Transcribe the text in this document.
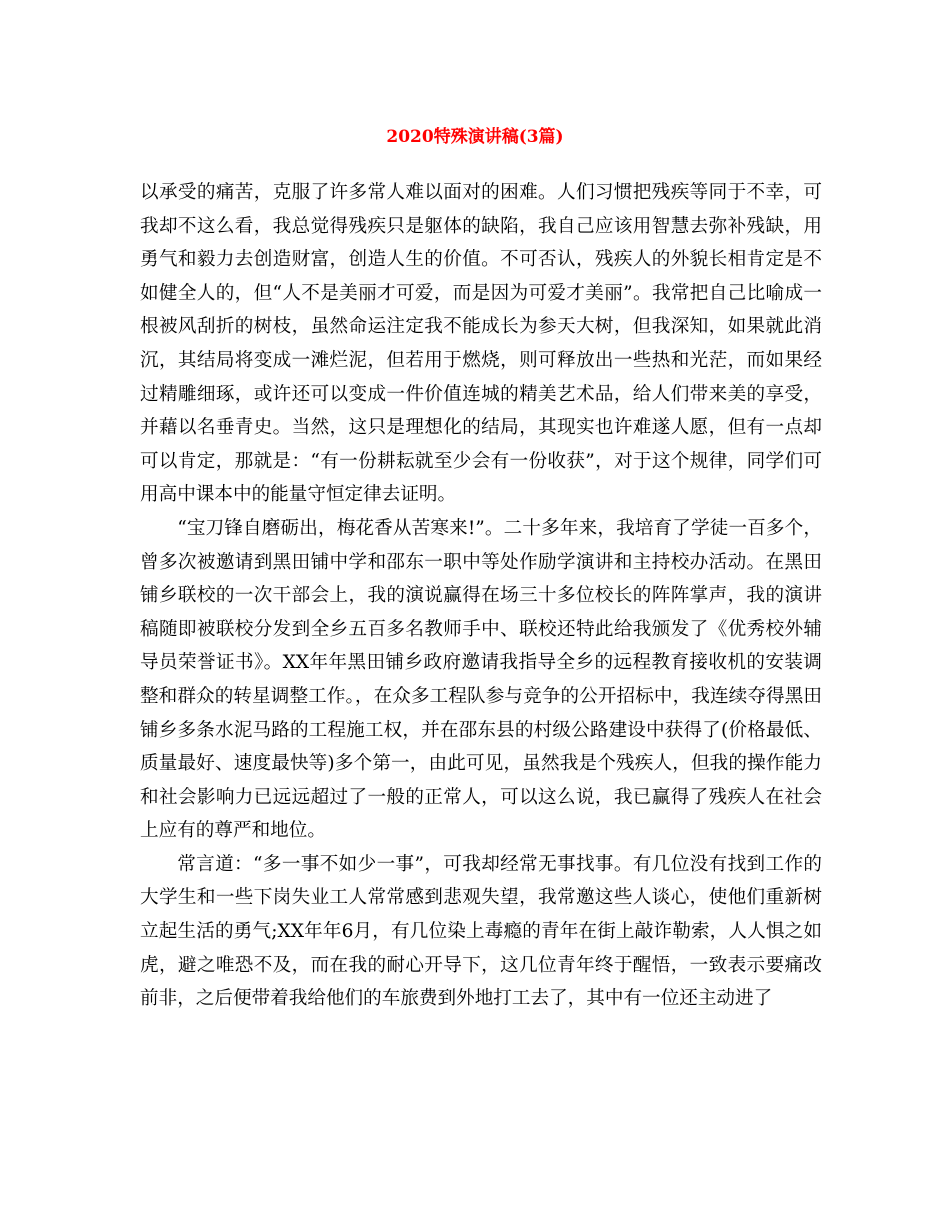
2020特殊演讲稿(3篇)

以承受的痛苦，克服了许多常人难以面对的困难。人们习惯把残疾等同于不幸，可我却不这么看，我总觉得残疾只是躯体的缺陷，我自己应该用智慧去弥补残缺，用勇气和毅力去创造财富，创造人生的价值。不可否认，残疾人的外貌长相肯定是不如健全人的，但“人不是美丽才可爱，而是因为可爱才美丽”。我常把自己比喻成一根被风刮折的树枝，虽然命运注定我不能成长为参天大树，但我深知，如果就此消沉，其结局将变成一滩烂泥，但若用于燃烧，则可释放出一些热和光茫，而如果经过精雕细琢，或许还可以变成一件价值连城的精美艺术品，给人们带来美的享受，并藉以名垂青史。当然，这只是理想化的结局，其现实也许难遂人愿，但有一点却可以肯定，那就是：“有一份耕耘就至少会有一份收获”，对于这个规律，同学们可用高中课本中的能量守恒定律去证明。

“宝刀锋自磨砺出，梅花香从苦寒来!”。二十多年来，我培育了学徒一百多个，曾多次被邀请到黑田铺中学和邵东一职中等处作励学演讲和主持校办活动。在黑田铺乡联校的一次干部会上，我的演说赢得在场三十多位校长的阵阵掌声，我的演讲稿随即被联校分发到全乡五百多名教师手中、联校还特此给我颁发了《优秀校外辅导员荣誉证书》。XX年年黑田铺乡政府邀请我指导全乡的远程教育接收机的安装调整和群众的转星调整工作。，在众多工程队参与竞争的公开招标中，我连续夺得黑田铺乡多条水泥马路的工程施工权，并在邵东县的村级公路建设中获得了(价格最低、质量最好、速度最快等)多个第一，由此可见，虽然我是个残疾人，但我的操作能力和社会影响力已远远超过了一般的正常人，可以这么说，我已赢得了残疾人在社会上应有的尊严和地位。

常言道：“多一事不如少一事”，可我却经常无事找事。有几位没有找到工作的大学生和一些下岗失业工人常常感到悲观失望，我常邀这些人谈心，使他们重新树立起生活的勇气;XX年年6月，有几位染上毒瘾的青年在街上敲诈勒索，人人惧之如虎，避之唯恐不及，而在我的耐心开导下，这几位青年终于醒悟，一致表示要痛改前非，之后便带着我给他们的车旅费到外地打工去了，其中有一位还主动进了
